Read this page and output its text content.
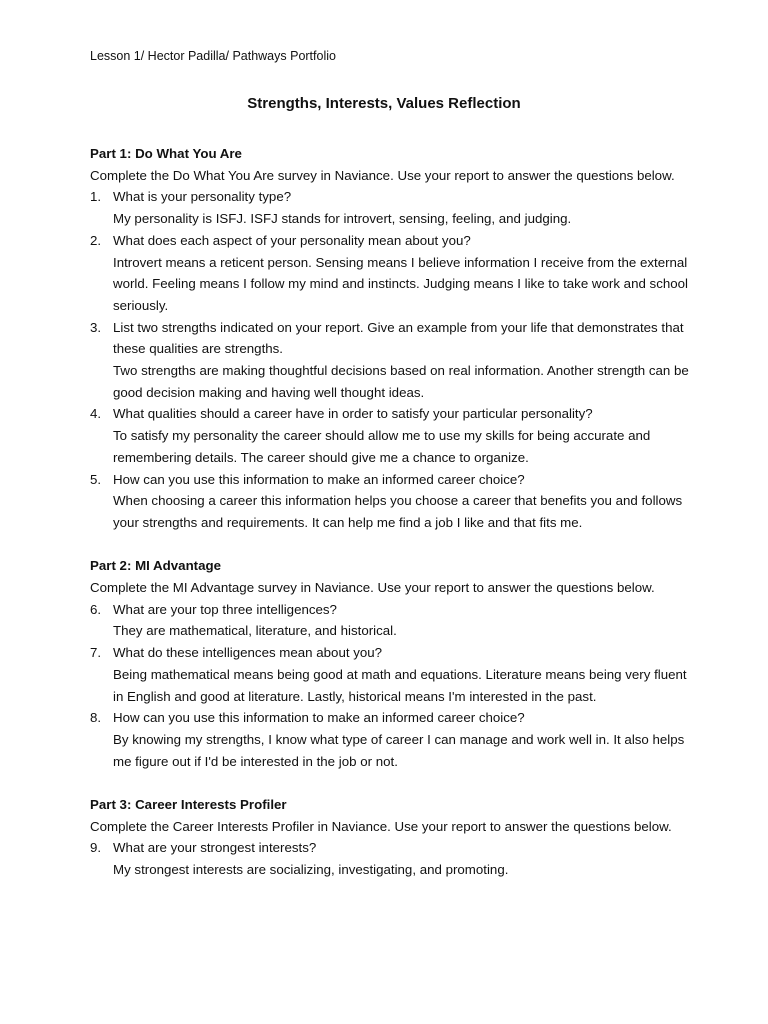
Lesson 1/ Hector Padilla/ Pathways Portfolio
Strengths, Interests, Values Reflection
Part 1: Do What You Are
Complete the Do What You Are survey in Naviance. Use your report to answer the questions below.
1. What is your personality type?
My personality is ISFJ. ISFJ stands for introvert, sensing, feeling, and judging.
2. What does each aspect of your personality mean about you?
Introvert means a reticent person. Sensing means I believe information I receive from the external world. Feeling means I follow my mind and instincts. Judging means I like to take work and school seriously.
3. List two strengths indicated on your report. Give an example from your life that demonstrates that these qualities are strengths.
Two strengths are making thoughtful decisions based on real information. Another strength can be good decision making and having well thought ideas.
4. What qualities should a career have in order to satisfy your particular personality?
To satisfy my personality the career should allow me to use my skills for being accurate and remembering details. The career should give me a chance to organize.
5. How can you use this information to make an informed career choice?
When choosing a career this information helps you choose a career that benefits you and follows your strengths and requirements. It can help me find a job I like and that fits me.
Part 2: MI Advantage
Complete the MI Advantage survey in Naviance. Use your report to answer the questions below.
6. What are your top three intelligences?
They are mathematical, literature, and historical.
7. What do these intelligences mean about you?
Being mathematical means being good at math and equations. Literature means being very fluent in English and good at literature. Lastly, historical means I'm interested in the past.
8. How can you use this information to make an informed career choice?
By knowing my strengths, I know what type of career I can manage and work well in. It also helps me figure out if I'd be interested in the job or not.
Part 3: Career Interests Profiler
Complete the Career Interests Profiler in Naviance. Use your report to answer the questions below.
9. What are your strongest interests?
My strongest interests are socializing, investigating, and promoting.
